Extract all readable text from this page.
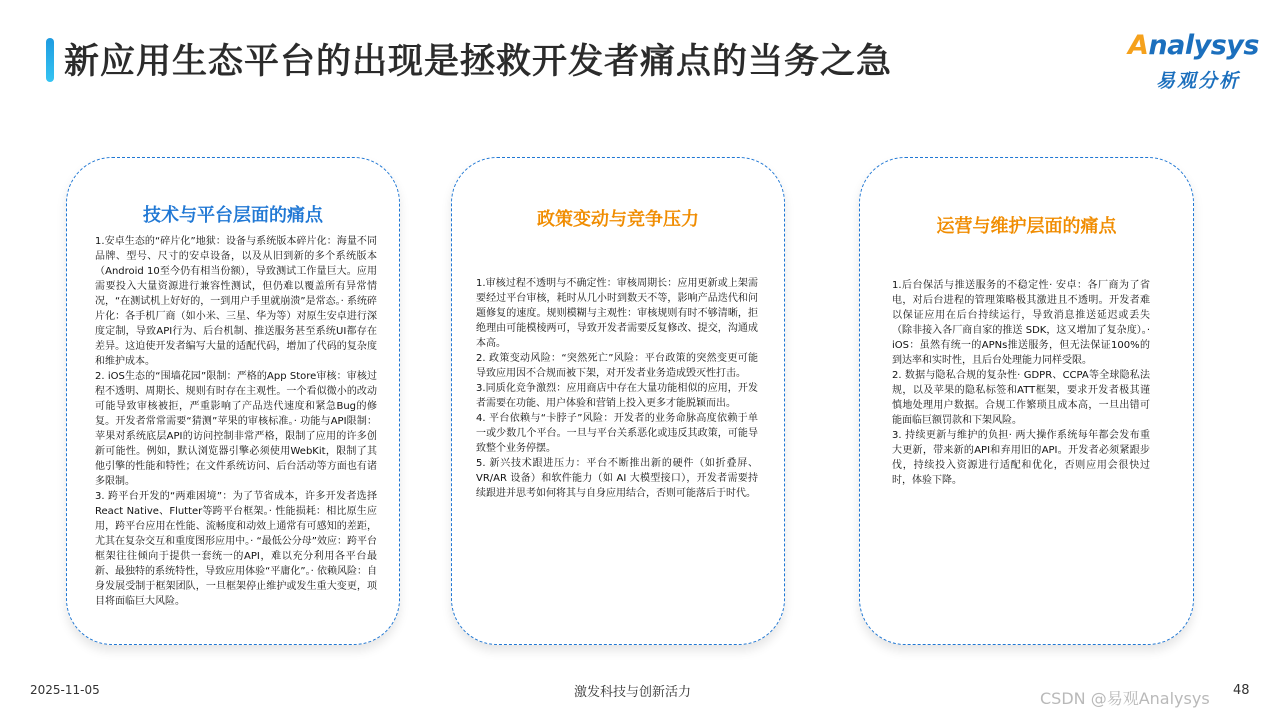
新应用生态平台的出现是拯救开发者痛点的当务之急	Analysys
易观分析
技术与平台层面的痛点

1.安卓生态的“碎片化”地狱：设备与系统版本碎片化：海量不同品牌、型号、尺寸的安卓设备，以及从旧到新的多个系统版本（Android 10至今仍有相当份额），导致测试工作量巨大。应用需要投入大量资源进行兼容性测试，但仍难以覆盖所有异常情况，“在测试机上好好的，一到用户手里就崩溃”是常态。· 系统碎片化：各手机厂商（如小米、三星、华为等）对原生安卓进行深度定制，导致API行为、后台机制、推送服务甚至系统UI都存在差异。这迫使开发者编写大量的适配代码，增加了代码的复杂度和维护成本。

2. iOS生态的“围墙花园”限制：严格的App Store审核：审核过程不透明、周期长、规则有时存在主观性。一个看似微小的改动可能导致审核被拒，严重影响了产品迭代速度和紧急Bug的修复。开发者常常需要“猜测”苹果的审核标准。· 功能与API限制：苹果对系统底层API的访问控制非常严格，限制了应用的许多创新可能性。例如，默认浏览器引擎必须使用WebKit，限制了其他引擎的性能和特性；在文件系统访问、后台活动等方面也有诸多限制。

3. 跨平台开发的“两难困境”：为了节省成本，许多开发者选择React Native、Flutter等跨平台框架。· 性能损耗：相比原生应用，跨平台应用在性能、流畅度和动效上通常有可感知的差距，尤其在复杂交互和重度图形应用中。· “最低公分母”效应：跨平台框架往往倾向于提供一套统一的API，难以充分利用各平台最新、最独特的系统特性，导致应用体验“平庸化”。· 依赖风险：自身发展受制于框架团队，一旦框架停止维护或发生重大变更，项目将面临巨大风险。

政策变动与竞争压力

1.审核过程不透明与不确定性：审核周期长：应用更新或上架需要经过平台审核，耗时从几小时到数天不等，影响产品迭代和问题修复的速度。规则模糊与主观性：审核规则有时不够清晰，拒绝理由可能模棱两可，导致开发者需要反复修改、提交，沟通成本高。

2. 政策变动风险：“突然死亡”风险：平台政策的突然变更可能导致应用因不合规而被下架，对开发者业务造成毁灭性打击。

3.同质化竞争激烈：应用商店中存在大量功能相似的应用，开发者需要在功能、用户体验和营销上投入更多才能脱颖而出。

4. 平台依赖与“卡脖子”风险：开发者的业务命脉高度依赖于单一或少数几个平台。一旦与平台关系恶化或违反其政策，可能导致整个业务停摆。

5. 新兴技术跟进压力：平台不断推出新的硬件（如折叠屏、VR/AR 设备）和软件能力（如 AI 大模型接口），开发者需要持续跟进并思考如何将其与自身应用结合，否则可能落后于时代。

运营与维护层面的痛点

1.后台保活与推送服务的不稳定性· 安卓：各厂商为了省电，对后台进程的管理策略极其激进且不透明。开发者难以保证应用在后台持续运行，导致消息推送延迟或丢失（除非接入各厂商自家的推送 SDK，这又增加了复杂度）。· iOS：虽然有统一的APNs推送服务，但无法保证100%的到达率和实时性，且后台处理能力同样受限。

2. 数据与隐私合规的复杂性· GDPR、CCPA等全球隐私法规，以及苹果的隐私标签和ATT框架，要求开发者极其谨慎地处理用户数据。合规工作繁琐且成本高，一旦出错可能面临巨额罚款和下架风险。

3. 持续更新与维护的负担· 两大操作系统每年都会发布重大更新，带来新的API和弃用旧的API。开发者必须紧跟步伐，持续投入资源进行适配和优化，否则应用会很快过时，体验下降。

2025-11-05	激发科技与创新活力	CSDN @易观Analysys 48
